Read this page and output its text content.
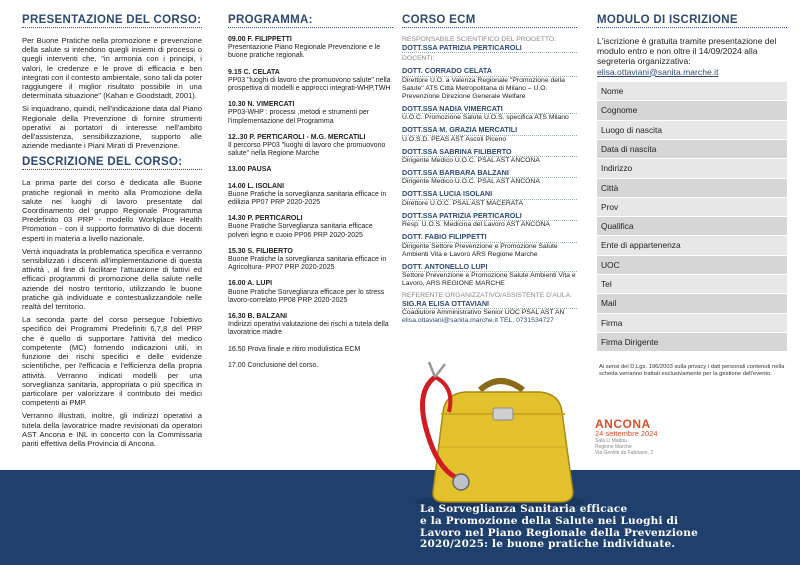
PRESENTAZIONE DEL CORSO:
Per Buone Pratiche nella promozione e prevenzione della salute si intendono quegli insiemi di processi o quegli interventi che, "in armonia con i principi, i valori, le credenze e le prove di efficacia e ben integrati con il contesto ambientale, sono tali da poter raggiungere il miglior risultato possibile in una determinata situazione" (Kahan e Goodstadt, 2001).
Si inquadrano, quindi, nell'indicazione data dal Piano Regionale della Prevenzione di fornire strumenti operativi ai portatori di interesse nell'ambito dell'assistenza, sensibilizzazione, supporto alle aziende mediante i Piani Mirati di Prevenzione.
DESCRIZIONE DEL CORSO:
La prima parte del corso è dedicata alle Buone pratiche regionali in merito alla Promozione della salute nei luoghi di lavoro presentate dal Coordinamento del gruppo Regionale Programma Predefinito 03 PRP - modello Workplace Health Promotion - con il supporto formativo di due docenti esperti in materia a livello nazionale.
Verrà inquadrata la problematica specifica e verranno sensibilizzati i discenti all'implementazione di questa attività , al fine di facilitare l'attuazione di fattivi ed efficaci programmi di promozione della salute nelle aziende del nostro territorio, utilizzando le buone pratiche già individuate e contestualizzandole nelle realtà del territorio.
La seconda parte del corso persegue l'obiettivo specifico dei Programmi Predefiniti 6,7,8 del PRP che è quello di supportare l'attività del medico competente (MC) fornendo indicazioni utili, in funzione dei rischi specifici e delle evidenze scientifiche, per l'efficacia e l'efficienza della propria attività. Verranno indicati modelli per una sorveglianza sanitaria, appropriata o più specifica in particolare per valorizzare il contributo dei medici competenti ai PMP.
Verranno illustrati, inoltre, gli indirizzi operativi a tutela della lavoratrice madre revisionati da operatori AST Ancona e INL in concerto con la Commissaria pariti effettiva della Provincia di Ancona.
PROGRAMMA:
09.00 F. FILIPPETTI
Presentazione Piano Regionale Prevenzione e le buone pratiche regionali.
9.15 C. CELATA
PP03 "luoghi di lavoro che promuovono salute" nella prospettiva di modelli e approcci integrati-WHP,TWH
10.30 N. VIMERCATI
PP03-WHP : processi ,metodi e strumenti per l'implementazione del Programma
12..30 P. PERTICAROLI - M.G. MERCATILI
Il percorso PP03 "luoghi di lavoro che promuovono salute" nella Regione Marche
13.00 PAUSA
14.00 L. ISOLANI
Buone Pratiche la sorveglianza sanitaria efficace in edilizia PP07 PRP 2020-2025
14.30 P. PERTICAROLI
Buone Pratiche Sorveglianza sanitaria efficace polveri legno e cuoio PP06 PRP 2020-2025
15.30 S. FILIBERTO
Buone Pratiche la sorveglianza sanitaria efficace in Agricoltura- PP07 PRP 2020-2025
16.00 A. LUPI
Buone Pratiche Sorveglianza efficace per lo stress lavoro-correlato PP08 PRP 2020-2025
16.30 B. BALZANI
Indirizzi operativi valutazione dei rischi a tutela della lavoratrice madre
16.50 Prova finale e ritiro modulistica ECM
17.00 Conclusione del corso.
CORSO ECM
RESPONSABILE SCIENTIFICO DEL PROGETTO:
DOTT.SSA PATRIZIA PERTICAROLI
DOCENTI:
DOTT. CORRADO CELATA
Direttore U.O. a Valenza Regionale "Promozione della Salute" ATS Città Metropolitana di Milano – U.O. Prevenzione Direzione Generale Welfare
DOTT.SSA NADIA VIMERCATI
U.O.C. Promozione Salute U.O.S. specifica ATS Milano
DOTT.SSA M. GRAZIA MERCATILI
U.O.S.D. PEAS AST Ascoli Piceno
DOTT.SSA SABRINA FILIBERTO
Dirigente Medico U.O.C. PSAL AST ANCONA
DOTT.SSA BARBARA BALZANI
Dirigente Medico U.O.C. PSAL AST ANCONA
DOTT.SSA LUCIA ISOLANI
Direttore U.O.C. PSAL AST MACERATA
DOTT.SSA PATRIZIA PERTICAROLI
Resp. U.O.S. Medicina del Lavoro AST ANCONA
DOTT. FABIO FILIPPETTI
Dirigente Settore Prevenzione e Promozione Salute Ambienti Vita e Lavoro ARS Regione Marche
DOTT. ANTONELLO LUPI
Settore Prevenzione e Promozione Salute Ambienti Vita e Lavoro, ARS REGIONE MARCHE
REFERENTE ORGANIZZATIVO/ASSISTENTE D'AULA:
SIG.RA ELISA OTTAVIANI
Coadiutore Amministrativo Senior UOC PSAL AST AN
elisa.ottaviani@sanita.marche.it TEL. 0731534727
MODULO DI ISCRIZIONE
L'iscrizione è gratuita tramite presentazione del modulo entro e non oltre il 14/09/2024 alla segreteria organizzativa:
elisa.ottaviani@sanita.marche.it
Nome
Cognome
Luogo di nascita
Data di nascita
Indirizzo
Città
Prov
Qualifica
Ente di appartenenza
UOC
Tel
Mail
Firma
Firma Dirigente
Ai sensi del D.Lgs. 196/2003 sulla privacy i dati personali contenuti nella scheda verranno trattati esclusivamente per la gestione dell'evento.
ANCONA
24 settembre 2024
Sala Li Madou
Regione Marche
Via Gentile da Fabriano, 2
La Sorveglianza Sanitaria efficace
e la Promozione della Salute nei Luoghi di
Lavoro nel Piano Regionale della Prevenzione
2020/2025: le buone pratiche individuate.
